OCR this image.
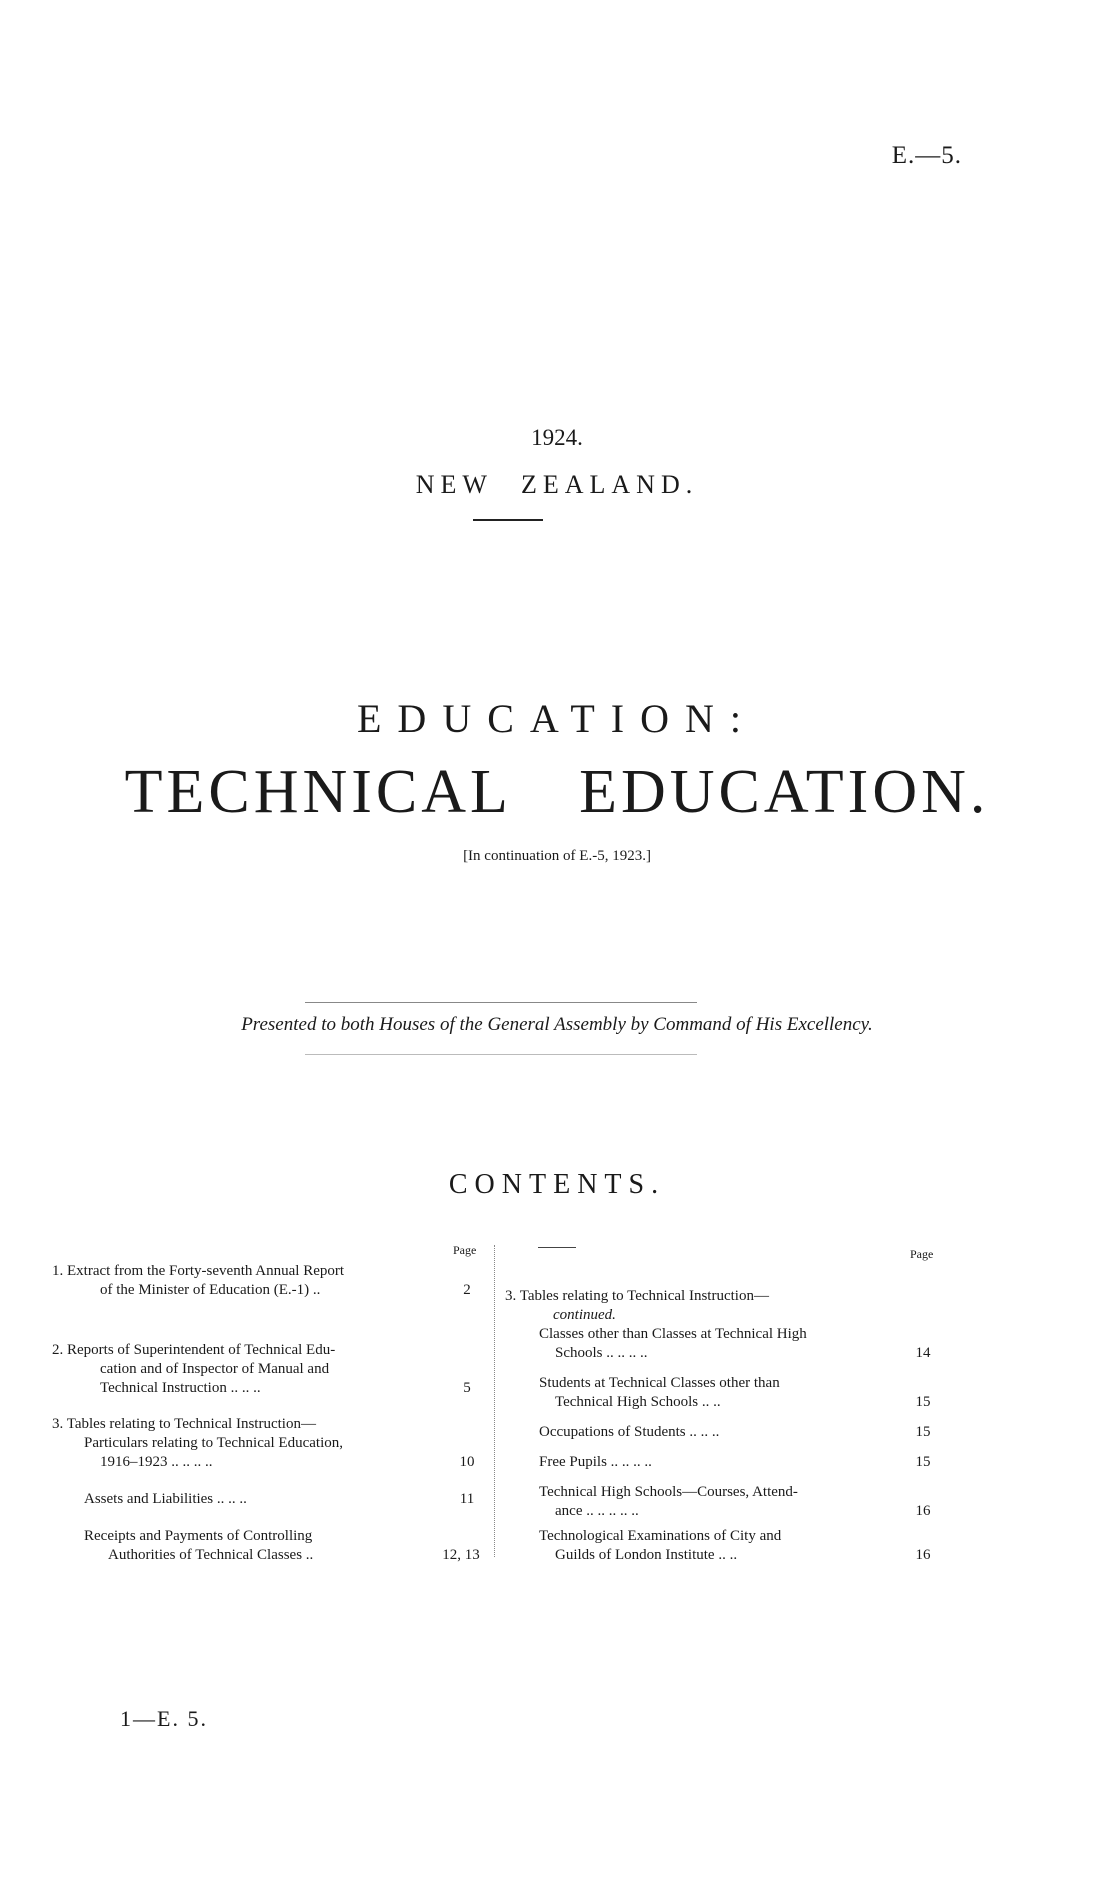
E.—5.
1924.
NEW ZEALAND.
EDUCATION:
TECHNICAL EDUCATION.
[In continuation of E.-5, 1923.]
Presented to both Houses of the General Assembly by Command of His Excellency.
CONTENTS.
Page	Page
1. Extract from the Forty-seventh Annual Report
of the Minister of Education (E.-1) ..	2
2. Reports of Superintendent of Technical Edu-
cation and of Inspector of Manual and
Technical Instruction .. .. ..	5
3. Tables relating to Technical Instruction—
Particulars relating to Technical Education,
1916–1923 .. .. .. ..	10
Assets and Liabilities .. .. ..	11
Receipts and Payments of Controlling
Authorities of Technical Classes ..	12, 13
3. Tables relating to Technical Instruction—
continued.
Classes other than Classes at Technical High
Schools .. .. .. ..	14
Students at Technical Classes other than
Technical High Schools .. ..	15
Occupations of Students .. .. ..	15
Free Pupils .. .. .. ..	15
Technical High Schools—Courses, Attend-
ance .. .. .. .. ..	16
Technological Examinations of City and
Guilds of London Institute .. ..	16
1—E. 5.
